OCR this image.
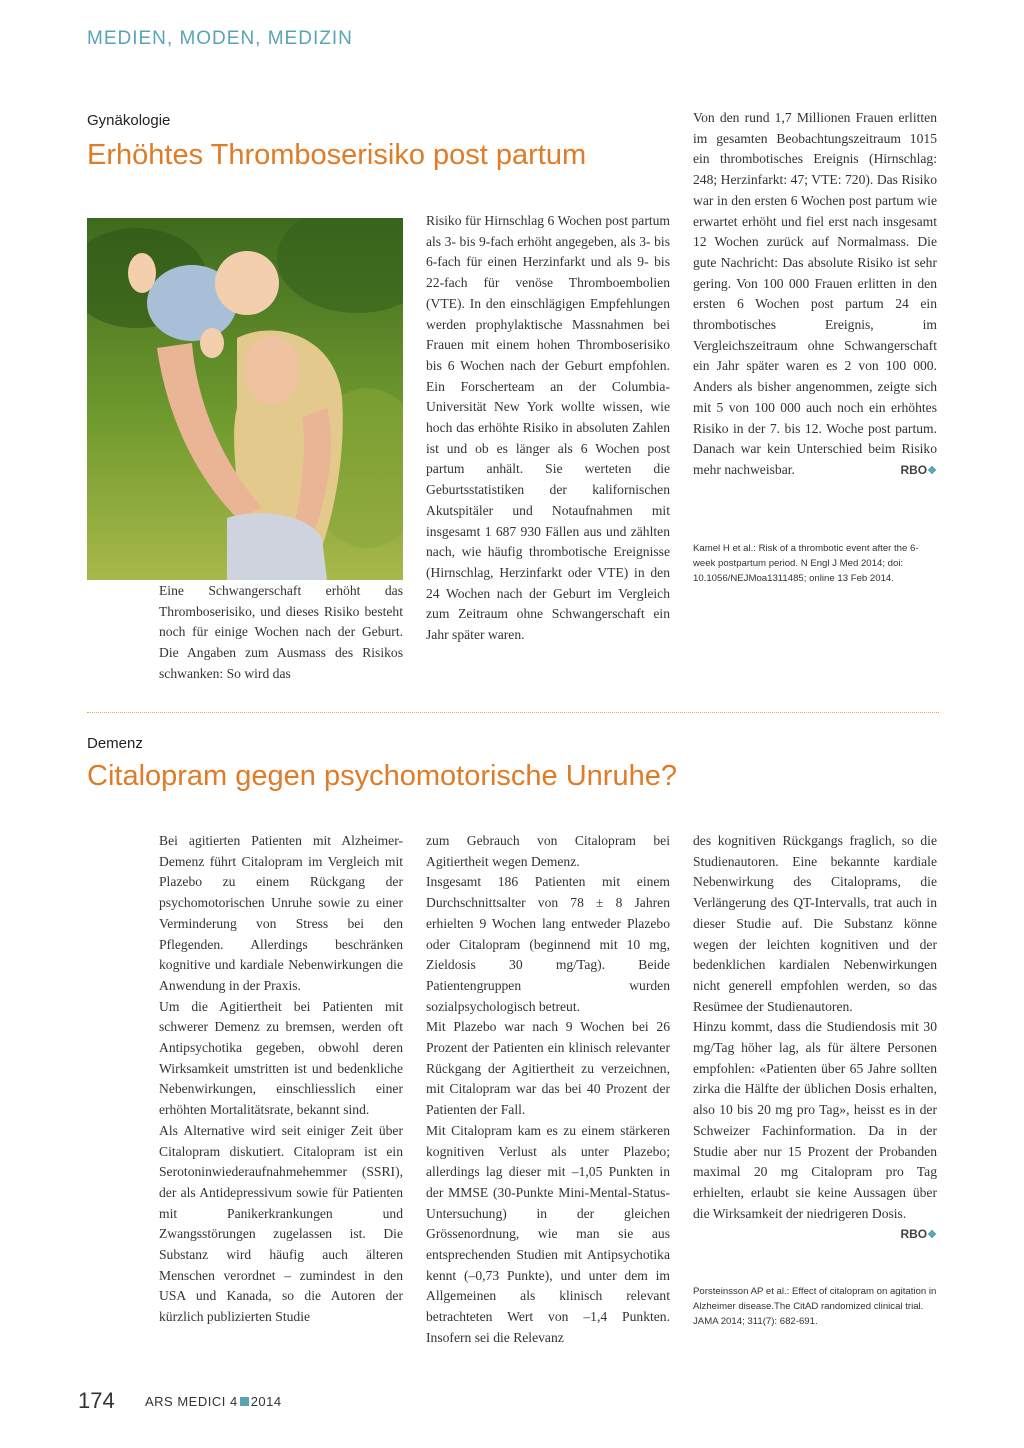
MEDIEN, MODEN, MEDIZIN
Gynäkologie
Erhöhtes Thromboserisiko post partum
Eine Schwangerschaft erhöht das Thromboserisiko, und dieses Risiko besteht noch für einige Wochen nach der Geburt. Die Angaben zum Ausmass des Risikos schwanken: So wird das
Risiko für Hirnschlag 6 Wochen post partum als 3- bis 9-fach erhöht angegeben, als 3- bis 6-fach für einen Herzinfarkt und als 9- bis 22-fach für venöse Thromboembolien (VTE). In den einschlägigen Empfehlungen werden prophylaktische Massnahmen bei Frauen mit einem hohen Thromboserisiko bis 6 Wochen nach der Geburt empfohlen. Ein Forscherteam an der Columbia-Universität New York wollte wissen, wie hoch das erhöhte Risiko in absoluten Zahlen ist und ob es länger als 6 Wochen post partum anhält. Sie werteten die Geburtsstatistiken der kalifornischen Akutspitäler und Notaufnahmen mit insgesamt 1 687 930 Fällen aus und zählten nach, wie häufig thrombotische Ereignisse (Hirnschlag, Herzinfarkt oder VTE) in den 24 Wochen nach der Geburt im Vergleich zum Zeitraum ohne Schwangerschaft ein Jahr später waren.
Von den rund 1,7 Millionen Frauen erlitten im gesamten Beobachtungszeitraum 1015 ein thrombotisches Ereignis (Hirnschlag: 248; Herzinfarkt: 47; VTE: 720). Das Risiko war in den ersten 6 Wochen post partum wie erwartet erhöht und fiel erst nach insgesamt 12 Wochen zurück auf Normalmass. Die gute Nachricht: Das absolute Risiko ist sehr gering. Von 100 000 Frauen erlitten in den ersten 6 Wochen post partum 24 ein thrombotisches Ereignis, im Vergleichszeitraum ohne Schwangerschaft ein Jahr später waren es 2 von 100 000. Anders als bisher angenommen, zeigte sich mit 5 von 100 000 auch noch ein erhöhtes Risiko in der 7. bis 12. Woche post partum. Danach war kein Unterschied beim Risiko mehr nachweisbar.	RBO❖
Kamel H et al.: Risk of a thrombotic event after the 6-week postpartum period. N Engl J Med 2014; doi: 10.1056/NEJMoa1311485; online 13 Feb 2014.
Demenz
Citalopram gegen psychomotorische Unruhe?

Bei agitierten Patienten mit Alzheimer-Demenz führt Citalopram im Vergleich mit Plazebo zu einem Rückgang der psychomotorischen Unruhe sowie zu einer Verminderung von Stress bei den Pflegenden. Allerdings beschränken kognitive und kardiale Nebenwirkungen die Anwendung in der Praxis.

Um die Agitiertheit bei Patienten mit schwerer Demenz zu bremsen, werden oft Antipsychotika gegeben, obwohl deren Wirksamkeit umstritten ist und bedenkliche Nebenwirkungen, einschliesslich einer erhöhten Mortalitätsrate, bekannt sind.

Als Alternative wird seit einiger Zeit über Citalopram diskutiert. Citalopram ist ein Serotoninwiederaufnahmehemmer (SSRI), der als Antidepressivum sowie für Patienten mit Panikerkrankungen und Zwangsstörungen zugelassen ist. Die Substanz wird häufig auch älteren Menschen verordnet – zumindest in den USA und Kanada, so die Autoren der kürzlich publizierten Studie

zum Gebrauch von Citalopram bei Agitiertheit wegen Demenz.

Insgesamt 186 Patienten mit einem Durchschnittsalter von 78 ± 8 Jahren erhielten 9 Wochen lang entweder Plazebo oder Citalopram (beginnend mit 10 mg, Zieldosis 30 mg/Tag). Beide Patientengruppen wurden sozialpsychologisch betreut.

Mit Plazebo war nach 9 Wochen bei 26 Prozent der Patienten ein klinisch relevanter Rückgang der Agitiertheit zu verzeichnen, mit Citalopram war das bei 40 Prozent der Patienten der Fall.

Mit Citalopram kam es zu einem stärkeren kognitiven Verlust als unter Plazebo; allerdings lag dieser mit –1,05 Punkten in der MMSE (30-Punkte Mini-Mental-Status-Untersuchung) in der gleichen Grössenordnung, wie man sie aus entsprechenden Studien mit Antipsychotika kennt (–0,73 Punkte), und unter dem im Allgemeinen als klinisch relevant betrachteten Wert von –1,4 Punkten. Insofern sei die Relevanz

des kognitiven Rückgangs fraglich, so die Studienautoren. Eine bekannte kardiale Nebenwirkung des Citaloprams, die Verlängerung des QT-Intervalls, trat auch in dieser Studie auf. Die Substanz könne wegen der leichten kognitiven und der bedenklichen kardialen Nebenwirkungen nicht generell empfohlen werden, so das Resümee der Studienautoren.

Hinzu kommt, dass die Studiendosis mit 30 mg/Tag höher lag, als für ältere Personen empfohlen: «Patienten über 65 Jahre sollten zirka die Hälfte der üblichen Dosis erhalten, also 10 bis 20 mg pro Tag», heisst es in der Schweizer Fachinformation. Da in der Studie aber nur 15 Prozent der Probanden maximal 20 mg Citalopram pro Tag erhielten, erlaubt sie keine Aussagen über die Wirksamkeit der niedrigeren Dosis.
RBO❖

Porsteinsson AP et al.: Effect of citalopram on agitation in Alzheimer disease.The CitAD randomized clinical trial. JAMA 2014; 311(7): 682-691.
174 ARS MEDICI 4 2014
